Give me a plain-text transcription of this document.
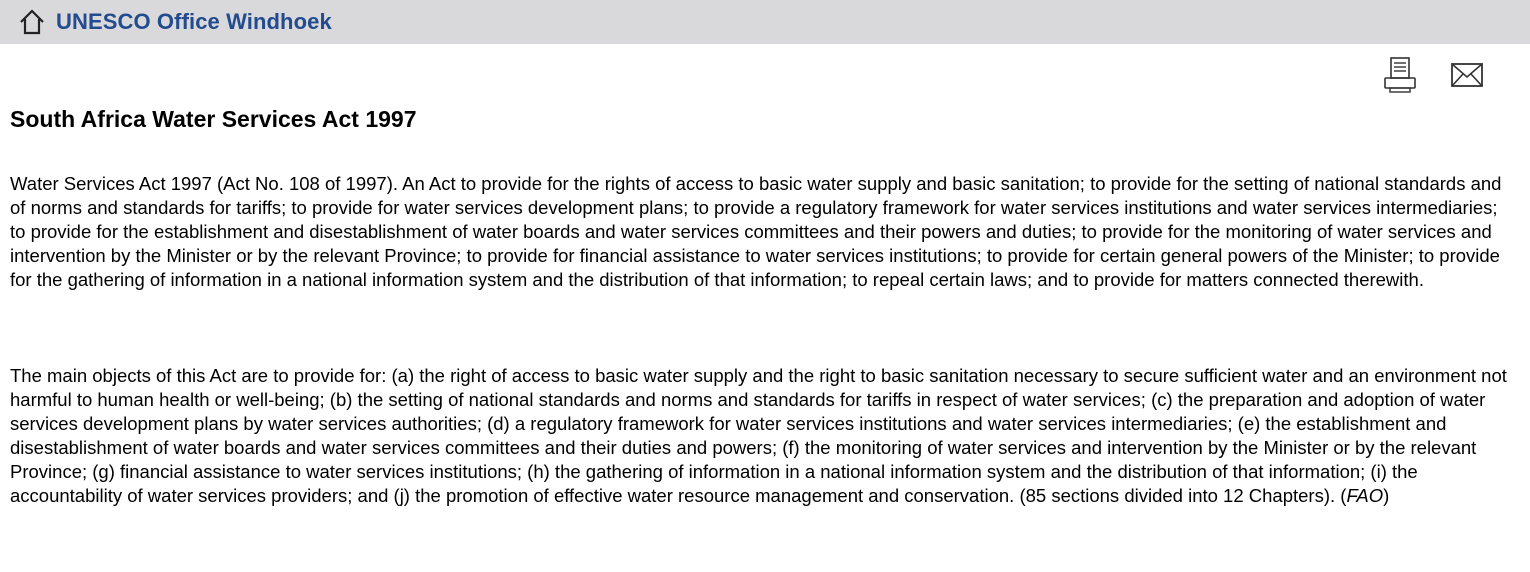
UNESCO Office Windhoek
South Africa Water Services Act 1997

Water Services Act 1997 (Act No. 108 of 1997). An Act to provide for the rights of access to basic water supply and basic sanitation; to provide for the setting of national standards and of norms and standards for tariffs; to provide for water services development plans; to provide a regulatory framework for water services institutions and water services intermediaries; to provide for the establishment and disestablishment of water boards and water services committees and their powers and duties; to provide for the monitoring of water services and intervention by the Minister or by the relevant Province; to provide for financial assistance to water services institutions; to provide for certain general powers of the Minister; to provide for the gathering of information in a national information system and the distribution of that information; to repeal certain laws; and to provide for matters connected therewith.

The main objects of this Act are to provide for: (a) the right of access to basic water supply and the right to basic sanitation necessary to secure sufficient water and an environment not harmful to human health or well-being; (b) the setting of national standards and norms and standards for tariffs in respect of water services; (c) the preparation and adoption of water services development plans by water services authorities; (d) a regulatory framework for water services institutions and water services intermediaries; (e) the establishment and disestablishment of water boards and water services committees and their duties and powers; (f) the monitoring of water services and intervention by the Minister or by the relevant Province; (g) financial assistance to water services institutions; (h) the gathering of information in a national information system and the distribution of that information; (i) the accountability of water services providers; and (j) the promotion of effective water resource management and conservation. (85 sections divided into 12 Chapters). (FAO)
